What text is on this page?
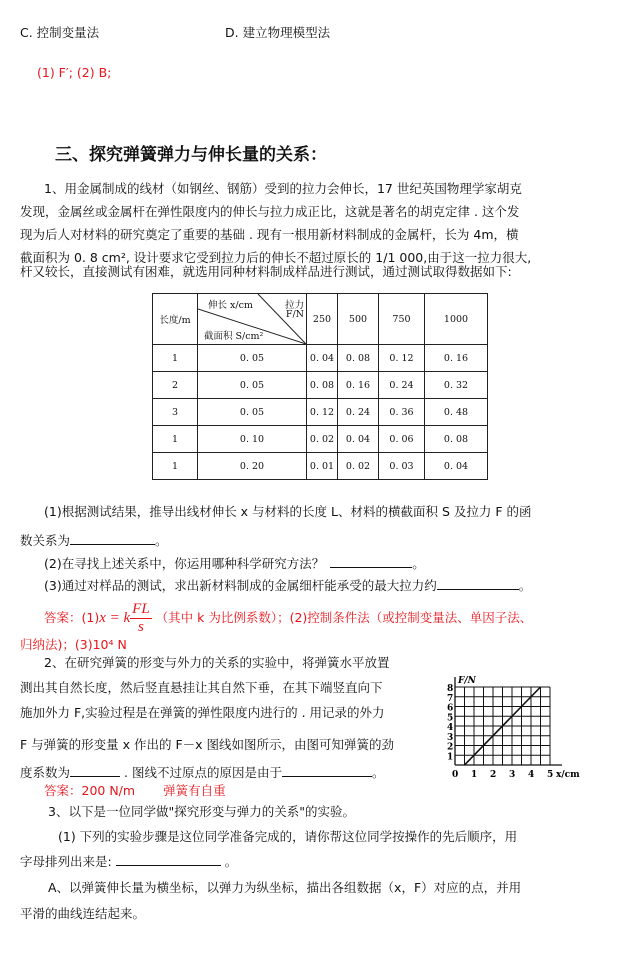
C. 控制变量法	D. 建立物理模型法
(1) F′; (2) B;
三、探究弹簧弹力与伸长量的关系：
1、用金属制成的线材（如钢丝、钢筋）受到的拉力会伸长，17 世纪英国物理学家胡克
发现，金属丝或金属杆在弹性限度内的伸长与拉力成正比，这就是著名的胡克定律 . 这个发
现为后人对材料的研究奠定了重要的基础 . 现有一根用新材料制成的金属杆，长为 4m，横
截面积为 0. 8 cm², 设计要求它受到拉力后的伸长不超过原长的 1/1 000,由于这一拉力很大,
杆又较长，直接测试有困难，就选用同种材料制成样品进行测试，通过测试取得数据如下:
长度/m	伸长 x/cm 拉力
F/N
截面积 S/cm²	250	500	750	1000
1	0. 05	0. 04	0. 08	0. 12	0. 16
2	0. 05	0. 08	0. 16	0. 24	0. 32
3	0. 05	0. 12	0. 24	0. 36	0. 48
1	0. 10	0. 02	0. 04	0. 06	0. 08
1	0. 20	0. 01	0. 02	0. 03	0. 04
(1)根据测试结果，推导出线材伸长 x 与材料的长度 L、材料的横截面积 S 及拉力 F 的函
数关系为	。
(2)在寻找上述关系中，你运用哪种科学研究方法？	。
(3)通过对样品的测试，求出新材料制成的金属细杆能承受的最大拉力约	。
答案：(1)x = k $\frac{FL}{s}$ （其中 k 为比例系数）；(2)控制条件法（或控制变量法、单因子法、
归纳法)；(3)10⁴ N
2、在研究弹簧的形变与外力的关系的实验中，将弹簧水平放置
测出其自然长度，然后竖直悬挂让其自然下垂，在其下端竖直向下
施加外力 F,实验过程是在弹簧的弹性限度内进行的 . 用记录的外力
F 与弹簧的形变量 x 作出的 F－x 图线如图所示，由图可知弹簧的劲
度系数为	. 图线不过原点的原因是由于	。
答案：200 N/m 弹簧有自重
0 1 2 3 4 5
1
2
3
4
5
6
7
8
x/cm
F/N
3、以下是一位同学做"探究形变与弹力的关系"的实验。
(1) 下列的实验步骤是这位同学准备完成的，请你帮这位同学按操作的先后顺序，用
字母排列出来是:	。
A、以弹簧伸长量为横坐标，以弹力为纵坐标，描出各组数据（x，F）对应的点，并用
平滑的曲线连结起来。
